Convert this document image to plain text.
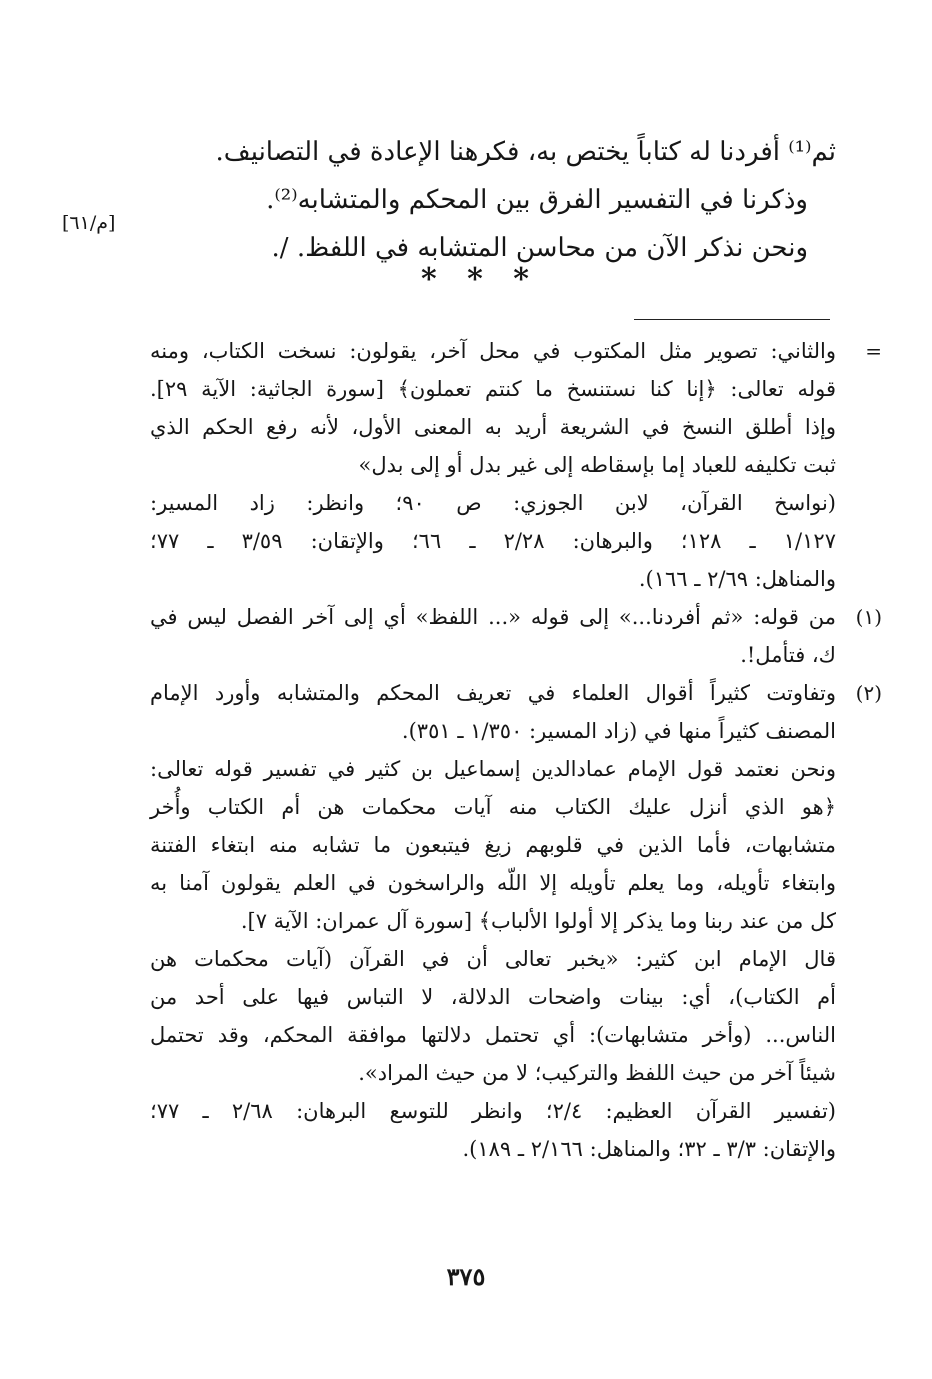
ثم⁽¹⁾ أفردنا له كتاباً يختص به، فكرهنا الإعادة في التصانيف.
وذكرنا في التفسير الفرق بين المحكم والمتشابه⁽²⁾.
ونحن نذكر الآن من محاسن المتشابه في اللفظ. /.
[م/٦١]
* * *
=
والثاني: تصوير مثل المكتوب في محل آخر، يقولون: نسخت الكتاب، ومنه
قوله تعالى: ﴿إنا كنا نستنسخ ما كنتم تعملون﴾ [سورة الجاثية: الآية ٢٩].
وإذا أطلق النسخ في الشريعة أريد به المعنى الأول، لأنه رفع الحكم الذي
ثبت تكليفه للعباد إما بإسقاطه إلى غير بدل أو إلى بدل»
(نواسخ القرآن، لابن الجوزي: ص ٩٠؛ وانظر: زاد المسير:
١/١٢٧ ـ ١٢٨؛ والبرهان: ٢/٢٨ ـ ٦٦؛ والإتقان: ٣/٥٩ ـ ٧٧؛
والمناهل: ٢/٦٩ ـ ١٦٦).
(١)
من قوله: «ثم أفردنا...» إلى قوله «... اللفظ» أي إلى آخر الفصل ليس في
ك، فتأمل!.
(٢)
وتفاوتت كثيراً أقوال العلماء في تعريف المحكم والمتشابه وأورد الإمام
المصنف كثيراً منها في (زاد المسير: ١/٣٥٠ ـ ٣٥١).
ونحن نعتمد قول الإمام عمادالدين إسماعيل بن كثير في تفسير قوله تعالى:
﴿هو الذي أنزل عليك الكتاب منه آيات محكمات هن أم الكتاب وأُخر
متشابهات، فأما الذين في قلوبهم زيغ فيتبعون ما تشابه منه ابتغاء الفتنة
وابتغاء تأويله، وما يعلم تأويله إلا اللّه والراسخون في العلم يقولون آمنا به
كل من عند ربنا وما يذكر إلا أولوا الألباب﴾ [سورة آل عمران: الآية ٧].
قال الإمام ابن كثير: «يخبر تعالى أن في القرآن (آيات محكمات هن
أم الكتاب)، أي: بينات واضحات الدلالة، لا التباس فيها على أحد من
الناس... (وأخر متشابهات): أي تحتمل دلالتها موافقة المحكم، وقد تحتمل
شيئاً آخر من حيث اللفظ والتركيب؛ لا من حيث المراد».
(تفسير القرآن العظيم: ٢/٤؛ وانظر للتوسع البرهان: ٢/٦٨ ـ ٧٧؛
والإتقان: ٣/٣ ـ ٣٢؛ والمناهل: ٢/١٦٦ ـ ١٨٩).
٣٧٥
